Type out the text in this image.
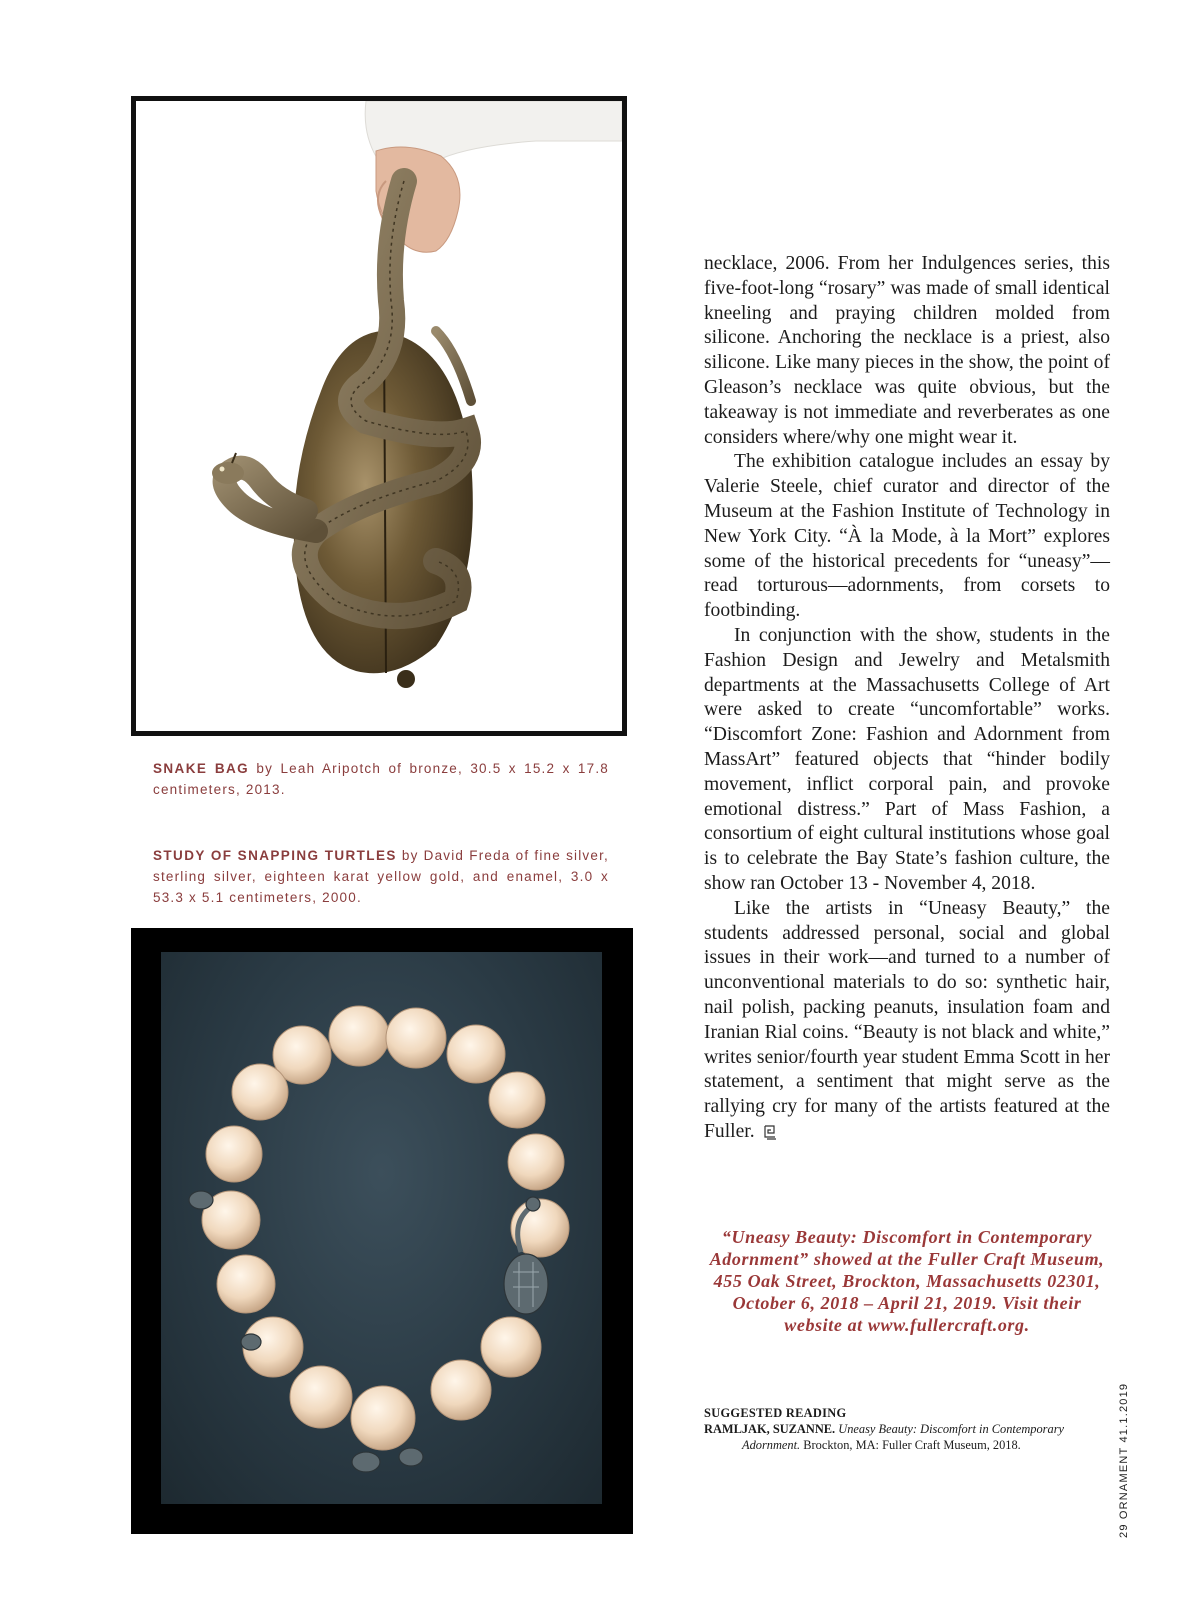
SNAKE BAG by Leah Aripotch of bronze, 30.5 x 15.2 x 17.8 centimeters, 2013.
STUDY OF SNAPPING TURTLES by David Freda of fine silver, sterling silver, eighteen karat yellow gold, and enamel, 3.0 x 53.3 x 5.1 centimeters, 2000.

necklace, 2006. From her Indulgences series, this five-foot-long “rosary” was made of small identical kneeling and praying children molded from silicone. Anchoring the necklace is a priest, also silicone. Like many pieces in the show, the point of Gleason’s necklace was quite obvious, but the takeaway is not immediate and reverberates as one considers where/why one might wear it.

The exhibition catalogue includes an essay by Valerie Steele, chief curator and director of the Museum at the Fashion Institute of Technology in New York City. “À la Mode, à la Mort” explores some of the historical precedents for “uneasy”—read torturous—adornments, from corsets to footbinding.

In conjunction with the show, students in the Fashion Design and Jewelry and Metalsmith departments at the Massachusetts College of Art were asked to create “uncomfortable” works. “Discomfort Zone: Fashion and Adornment from MassArt” featured objects that “hinder bodily movement, inflict corporal pain, and provoke emotional distress.” Part of Mass Fashion, a consortium of eight cultural institutions whose goal is to celebrate the Bay State’s fashion culture, the show ran October 13 - November 4, 2018.

Like the artists in “Uneasy Beauty,” the students addressed personal, social and global issues in their work—and turned to a number of unconventional materials to do so: synthetic hair, nail polish, packing peanuts, insulation foam and Iranian Rial coins. “Beauty is not black and white,” writes senior/fourth year student Emma Scott in her statement, a sentiment that might serve as the rallying cry for many of the artists featured at the Fuller.

“Uneasy Beauty: Discomfort in Contemporary Adornment” showed at the Fuller Craft Museum, 455 Oak Street, Brockton, Massachusetts 02301, October 6, 2018 – April 21, 2019. Visit their website at www.fullercraft.org.
SUGGESTED READING
RAMLJAK, SUZANNE. Uneasy Beauty: Discomfort in Contemporary Adornment. Brockton, MA: Fuller Craft Museum, 2018.	29 ORNAMENT 41.1.2019
